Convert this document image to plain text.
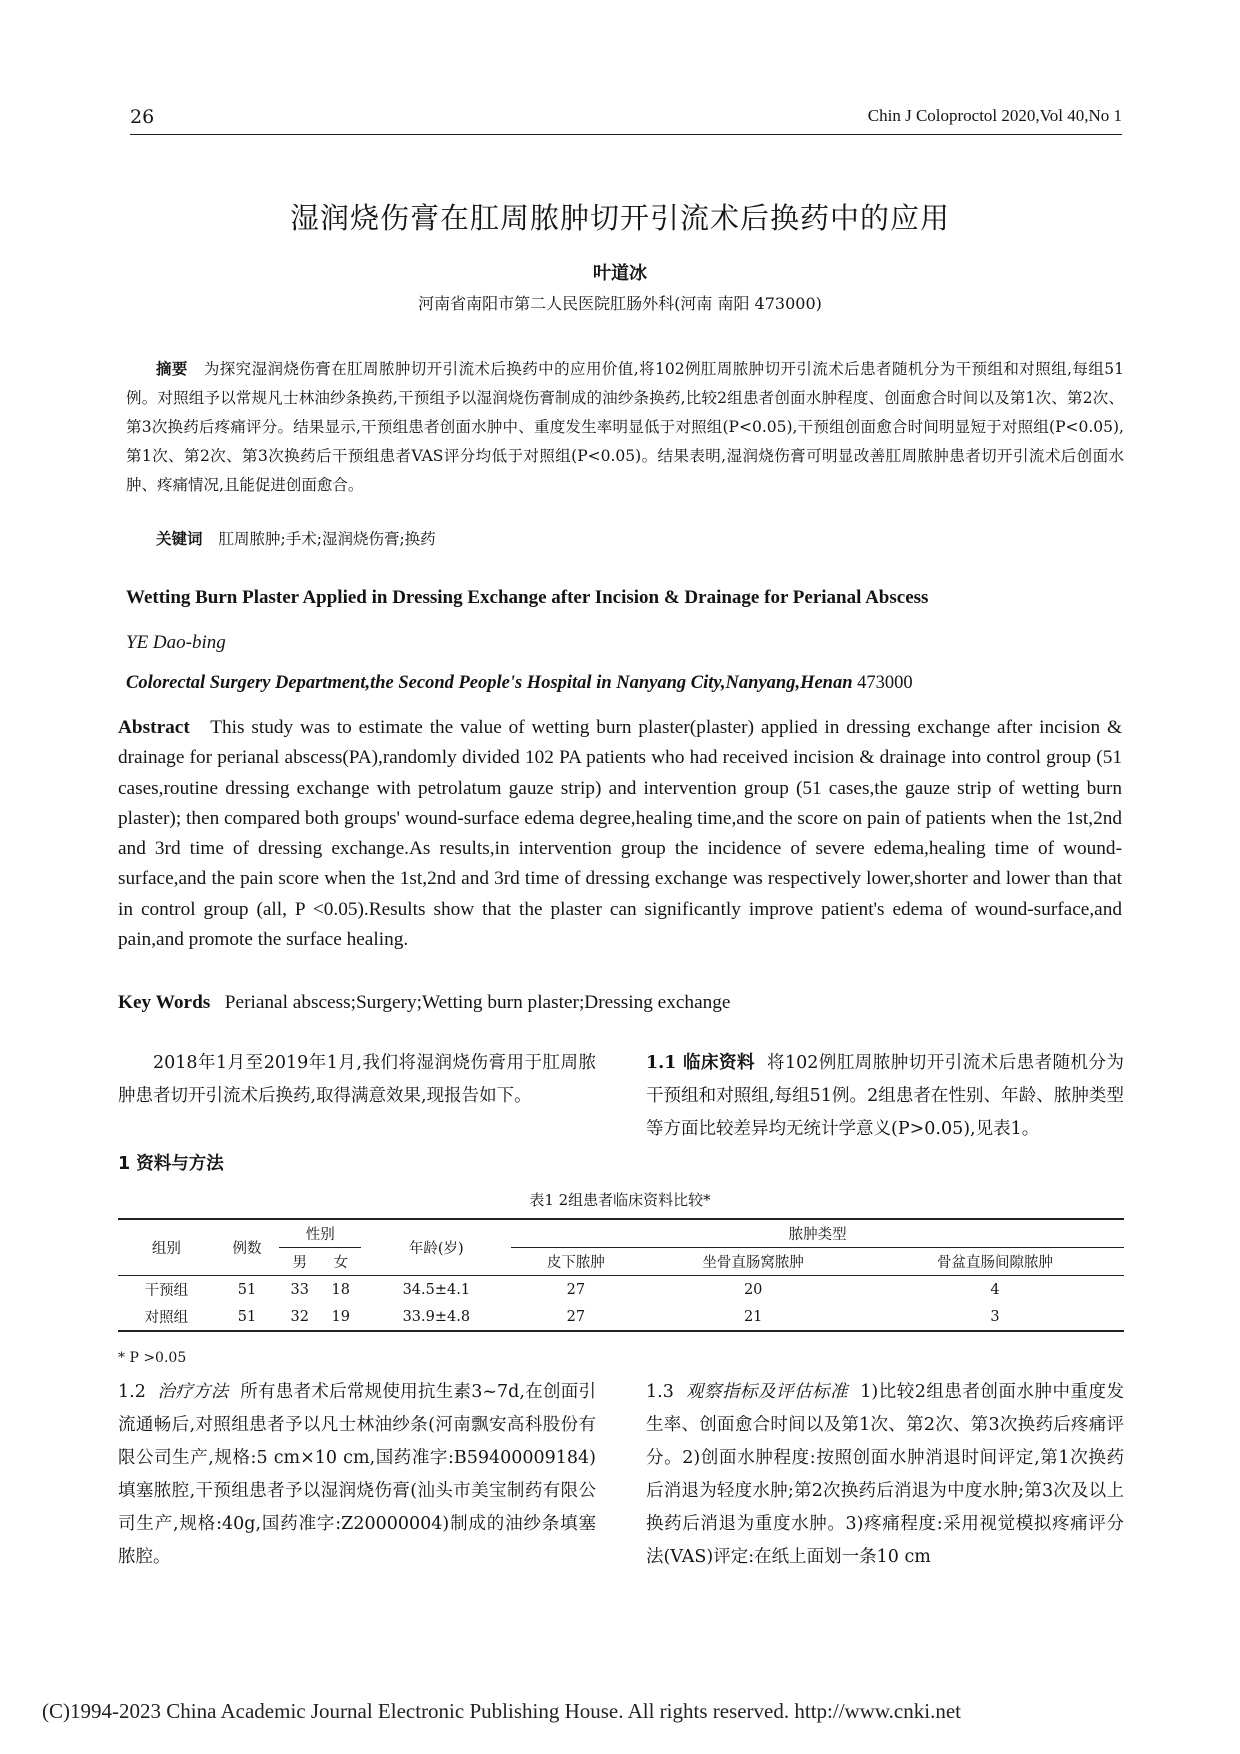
26	Chin J Coloproctol 2020,Vol 40,No 1
湿润烧伤膏在肛周脓肿切开引流术后换药中的应用
叶道冰
河南省南阳市第二人民医院肛肠外科(河南 南阳 473000)
摘要 为探究湿润烧伤膏在肛周脓肿切开引流术后换药中的应用价值,将102例肛周脓肿切开引流术后患者随机分为干预组和对照组,每组51例。对照组予以常规凡士林油纱条换药,干预组予以湿润烧伤膏制成的油纱条换药,比较2组患者创面水肿程度、创面愈合时间以及第1次、第2次、第3次换药后疼痛评分。结果显示,干预组患者创面水肿中、重度发生率明显低于对照组(P<0.05),干预组创面愈合时间明显短于对照组(P<0.05),第1次、第2次、第3次换药后干预组患者VAS评分均低于对照组(P<0.05)。结果表明,湿润烧伤膏可明显改善肛周脓肿患者切开引流术后创面水肿、疼痛情况,且能促进创面愈合。
关键词 肛周脓肿;手术;湿润烧伤膏;换药
Wetting Burn Plaster Applied in Dressing Exchange after Incision & Drainage for Perianal Abscess
YE Dao-bing
Colorectal Surgery Department,the Second People's Hospital in Nanyang City,Nanyang,Henan 473000
Abstract This study was to estimate the value of wetting burn plaster(plaster) applied in dressing exchange after incision & drainage for perianal abscess(PA),randomly divided 102 PA patients who had received incision & drainage into control group (51 cases,routine dressing exchange with petrolatum gauze strip) and intervention group (51 cases,the gauze strip of wetting burn plaster); then compared both groups' wound-surface edema degree,healing time,and the score on pain of patients when the 1st,2nd and 3rd time of dressing exchange.As results,in intervention group the incidence of severe edema,healing time of wound-surface,and the pain score when the 1st,2nd and 3rd time of dressing exchange was respectively lower,shorter and lower than that in control group (all, P <0.05).Results show that the plaster can significantly improve patient's edema of wound-surface,and pain,and promote the surface healing.
Key Words Perianal abscess;Surgery;Wetting burn plaster;Dressing exchange
2018年1月至2019年1月,我们将湿润烧伤膏用于肛周脓肿患者切开引流术后换药,取得满意效果,现报告如下。
1 资料与方法
1.1 临床资料 将102例肛周脓肿切开引流术后患者随机分为干预组和对照组,每组51例。2组患者在性别、年龄、脓肿类型等方面比较差异均无统计学意义(P>0.05),见表1。
表1 2组患者临床资料比较*
组别	例数	性别		年龄(岁)	脓肿类型		
		男	女		皮下脓肿	坐骨直肠窝脓肿	骨盆直肠间隙脓肿
干预组	51	33	18	34.5±4.1	27	20	4
对照组	51	32	19	33.9±4.8	27	21	3
* P >0.05
1.2 治疗方法 所有患者术后常规使用抗生素3~7d,在创面引流通畅后,对照组患者予以凡士林油纱条(河南飘安高科股份有限公司生产,规格:5 cm×10 cm,国药准字:B59400009184)填塞脓腔,干预组患者予以湿润烧伤膏(汕头市美宝制药有限公司生产,规格:40g,国药准字:Z20000004)制成的油纱条填塞脓腔。
1.3 观察指标及评估标准 1)比较2组患者创面水肿中重度发生率、创面愈合时间以及第1次、第2次、第3次换药后疼痛评分。2)创面水肿程度:按照创面水肿消退时间评定,第1次换药后消退为轻度水肿;第2次换药后消退为中度水肿;第3次及以上换药后消退为重度水肿。3)疼痛程度:采用视觉模拟疼痛评分法(VAS)评定:在纸上面划一条10 cm
(C)1994-2023 China Academic Journal Electronic Publishing House. All rights reserved. http://www.cnki.net
